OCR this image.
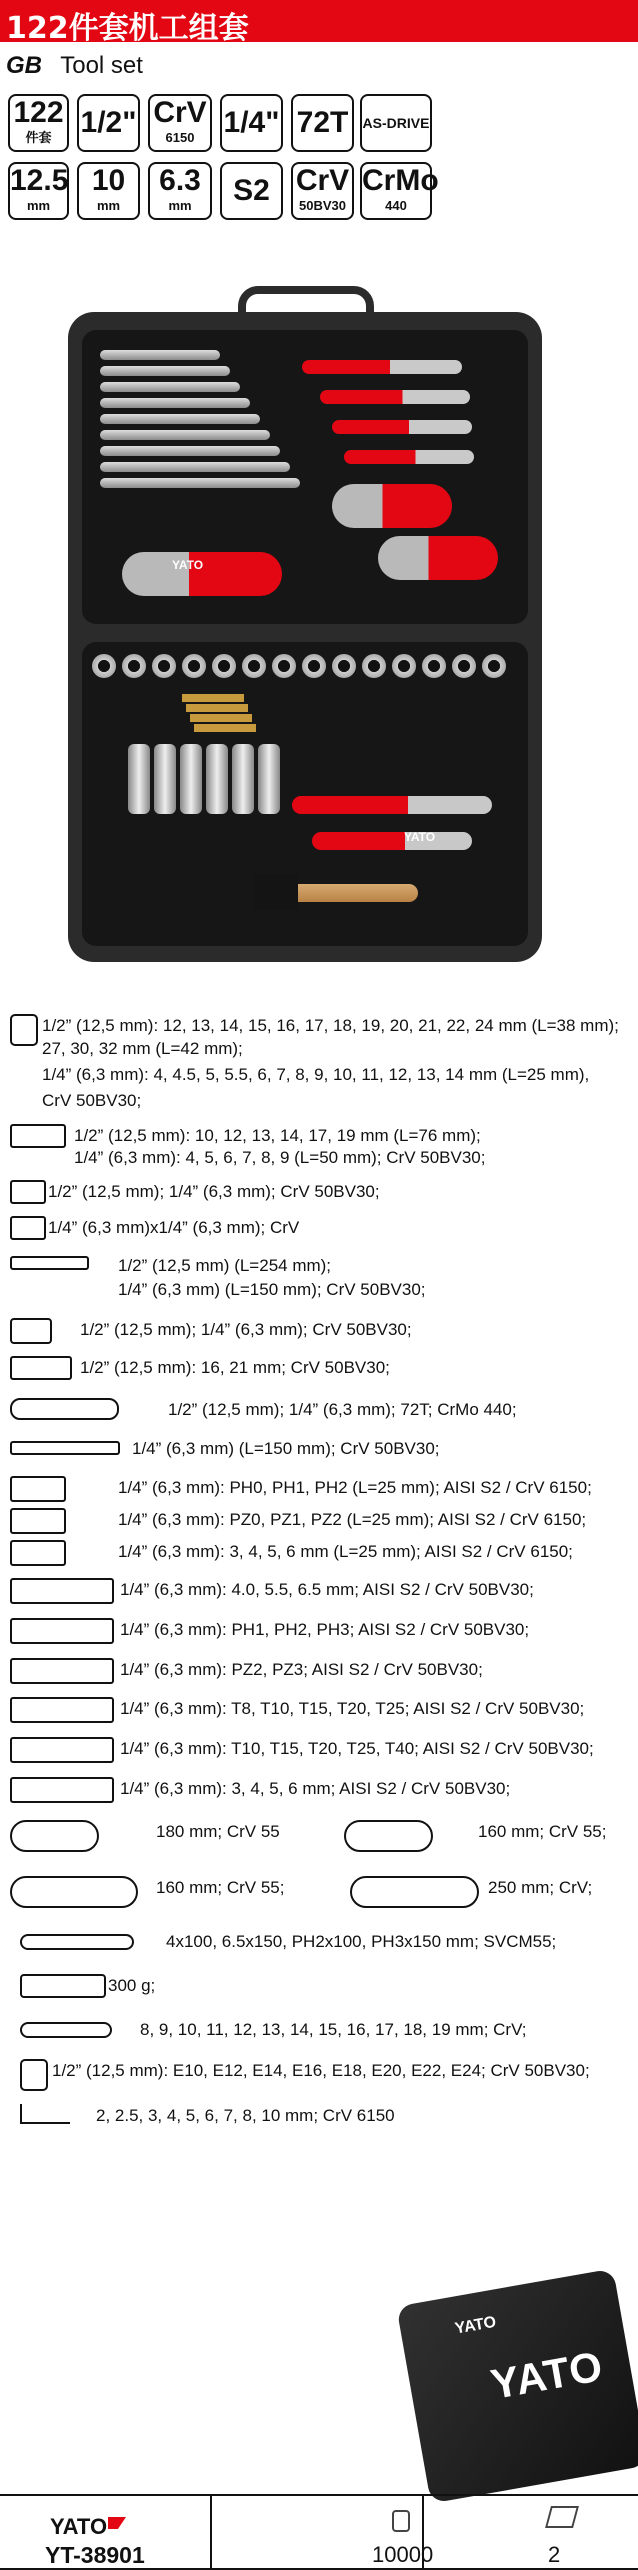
122件套机工组套
GB Tool set
122
件套 1/2" CrV
6150 1/4" 72T	AS-DRIVE
12.5
mm
10
mm
6.3
mm	S2 CrV
50BV30
CrMo
440
YATO
YATO
1/2” (12,5 mm): 12, 13, 14, 15, 16, 17, 18, 19, 20, 21, 22, 24 mm (L=38 mm);
27, 30, 32 mm (L=42 mm);
1/4” (6,3 mm): 4, 4.5, 5, 5.5, 6, 7, 8, 9, 10, 11, 12, 13, 14 mm (L=25 mm),
CrV 50BV30;
1/2” (12,5 mm): 10, 12, 13, 14, 17, 19 mm (L=76 mm);
1/4” (6,3 mm): 4, 5, 6, 7, 8, 9 (L=50 mm); CrV 50BV30;
1/2” (12,5 mm); 1/4” (6,3 mm); CrV 50BV30;
1/4” (6,3 mm)x1/4” (6,3 mm); CrV
1/2” (12,5 mm) (L=254 mm);
1/4” (6,3 mm) (L=150 mm); CrV 50BV30;
1/2” (12,5 mm); 1/4” (6,3 mm); CrV 50BV30;
1/2” (12,5 mm): 16, 21 mm; CrV 50BV30;
1/2” (12,5 mm); 1/4” (6,3 mm); 72T; CrMo 440;
1/4” (6,3 mm) (L=150 mm); CrV 50BV30;
1/4” (6,3 mm): PH0, PH1, PH2 (L=25 mm); AISI S2 / CrV 6150;
1/4” (6,3 mm): PZ0, PZ1, PZ2 (L=25 mm); AISI S2 / CrV 6150;
1/4” (6,3 mm): 3, 4, 5, 6 mm (L=25 mm); AISI S2 / CrV 6150;
1/4” (6,3 mm): 4.0, 5.5, 6.5 mm; AISI S2 / CrV 50BV30;
1/4” (6,3 mm): PH1, PH2, PH3; AISI S2 / CrV 50BV30;
1/4” (6,3 mm): PZ2, PZ3; AISI S2 / CrV 50BV30;
1/4” (6,3 mm): T8, T10, T15, T20, T25; AISI S2 / CrV 50BV30;
1/4” (6,3 mm): T10, T15, T20, T25, T40; AISI S2 / CrV 50BV30;
1/4” (6,3 mm): 3, 4, 5, 6 mm; AISI S2 / CrV 50BV30;
180 mm; CrV 55	160 mm; CrV 55;
160 mm; CrV 55;	250 mm; CrV;
4x100, 6.5x150, PH2x100, PH3x150 mm; SVCM55;
300 g;
8, 9, 10, 11, 12, 13, 14, 15, 16, 17, 18, 19 mm; CrV;
1/2” (12,5 mm): E10, E12, E14, E16, E18, E20, E22, E24; CrV 50BV30;
2, 2.5, 3, 4, 5, 6, 7, 8, 10 mm; CrV 6150
YATO
YATO
YATO
YT-38901	10000	2
